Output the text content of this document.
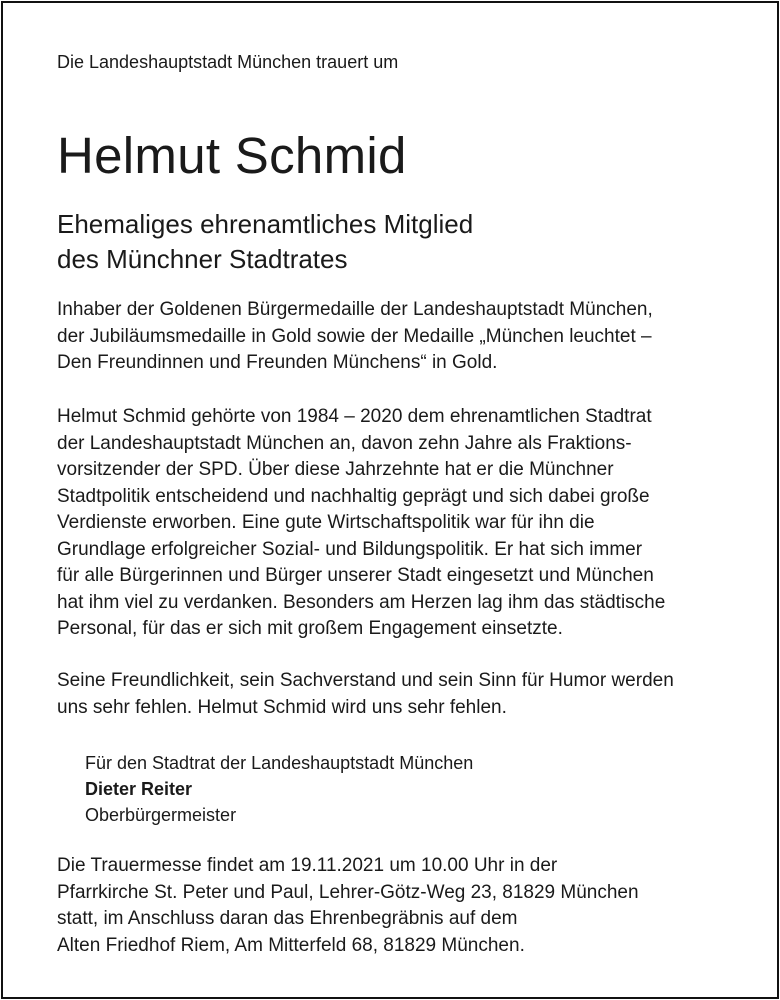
Die Landeshauptstadt München trauert um
Helmut Schmid
Ehemaliges ehrenamtliches Mitglied
des Münchner Stadtrates
Inhaber der Goldenen Bürgermedaille der Landeshauptstadt München,
der Jubiläumsmedaille in Gold sowie der Medaille „München leuchtet –
Den Freundinnen und Freunden Münchens“ in Gold.
Helmut Schmid gehörte von 1984 – 2020 dem ehrenamtlichen Stadtrat
der Landeshauptstadt München an, davon zehn Jahre als Fraktions-
vorsitzender der SPD. Über diese Jahrzehnte hat er die Münchner
Stadtpolitik entscheidend und nachhaltig geprägt und sich dabei große
Verdienste erworben. Eine gute Wirtschaftspolitik war für ihn die
Grundlage erfolgreicher Sozial- und Bildungspolitik. Er hat sich immer
für alle Bürgerinnen und Bürger unserer Stadt eingesetzt und München
hat ihm viel zu verdanken. Besonders am Herzen lag ihm das städtische
Personal, für das er sich mit großem Engagement einsetzte.
Seine Freundlichkeit, sein Sachverstand und sein Sinn für Humor werden
uns sehr fehlen. Helmut Schmid wird uns sehr fehlen.
Für den Stadtrat der Landeshauptstadt München
Dieter Reiter
Oberbürgermeister
Die Trauermesse findet am 19.11.2021 um 10.00 Uhr in der
Pfarrkirche St. Peter und Paul, Lehrer-Götz-Weg 23, 81829 München
statt, im Anschluss daran das Ehrenbegräbnis auf dem
Alten Friedhof Riem, Am Mitterfeld 68, 81829 München.
